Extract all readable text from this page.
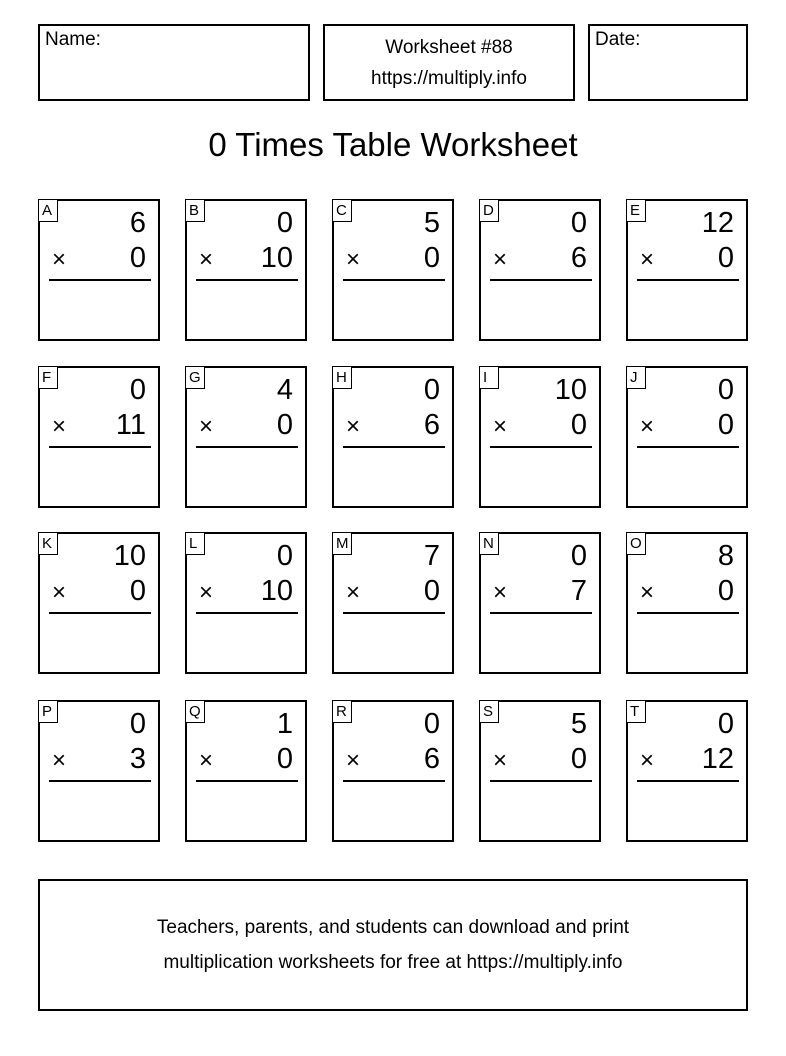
Name:	Worksheet #88
https://multiply.info
Date:
0 Times Table Worksheet
A	6
× 0
B	0
× 10
C	5
× 0
D	0
× 6
E 12
× 0
F	0
× 11
G	4
× 0
H	0
× 6
I	10
× 0
J	0
× 0
K 10
× 0
L	0
× 10
M	7
× 0
N	0
× 7
O	8
× 0
P	0
× 3
Q	1
× 0
R	0
× 6
S	5
× 0
T	0
× 12
Teachers, parents, and students can download and print
multiplication worksheets for free at https://multiply.info
